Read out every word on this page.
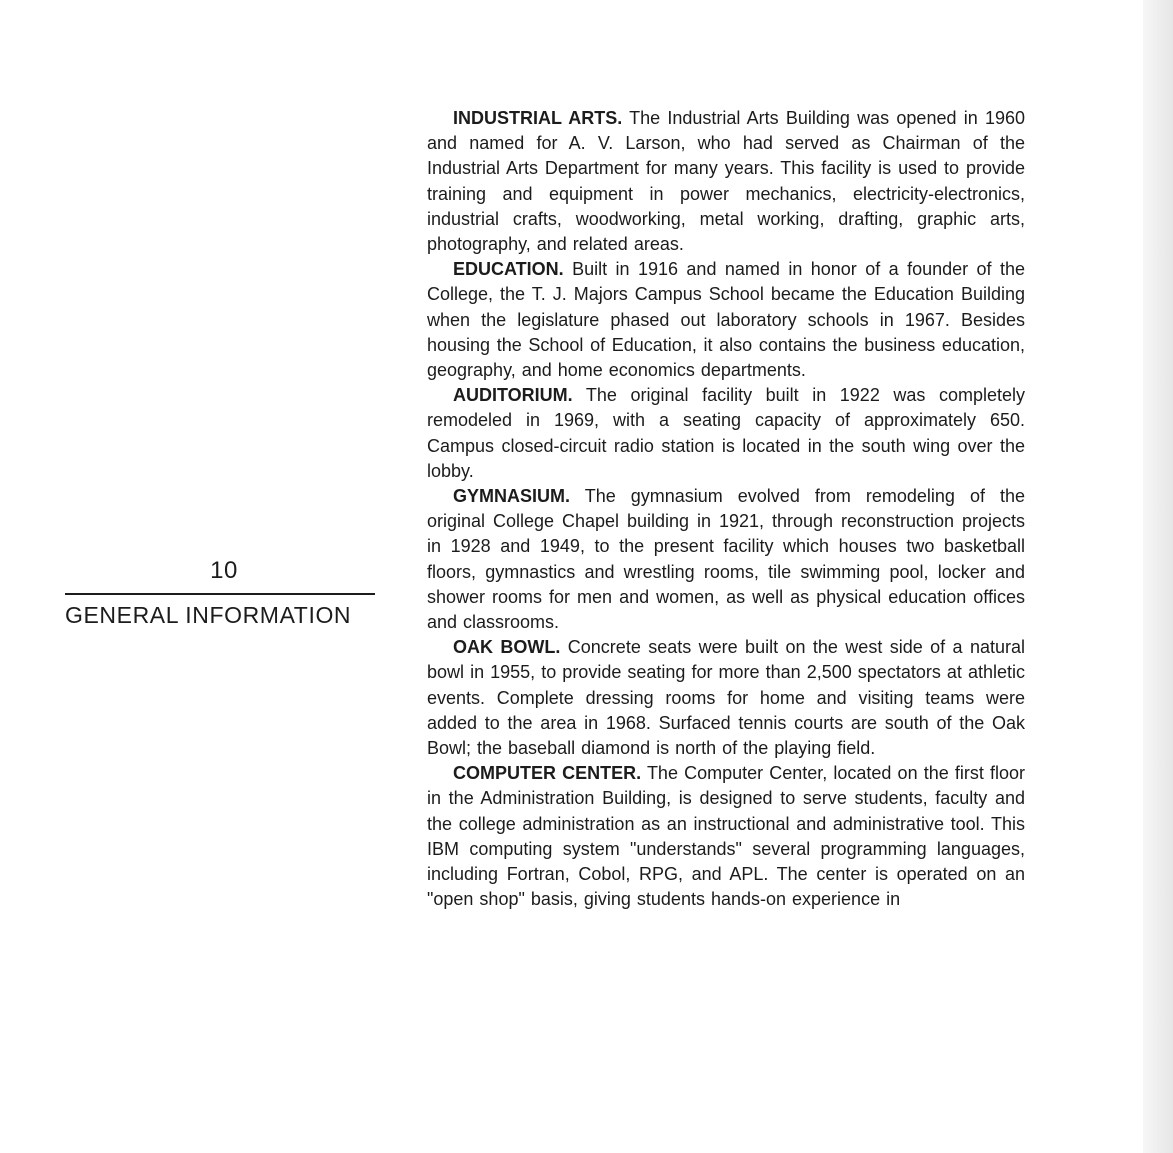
10
GENERAL INFORMATION

INDUSTRIAL ARTS. The Industrial Arts Building was opened in 1960 and named for A. V. Larson, who had served as Chairman of the Industrial Arts Department for many years. This facility is used to provide training and equipment in power mechanics, electricity-electronics, industrial crafts, woodworking, metal working, drafting, graphic arts, photography, and related areas.

EDUCATION. Built in 1916 and named in honor of a founder of the College, the T. J. Majors Campus School became the Education Building when the legislature phased out laboratory schools in 1967. Besides housing the School of Education, it also contains the business education, geography, and home economics departments.

AUDITORIUM. The original facility built in 1922 was completely remodeled in 1969, with a seating capacity of approximately 650. Campus closed-circuit radio station is located in the south wing over the lobby.

GYMNASIUM. The gymnasium evolved from remodeling of the original College Chapel building in 1921, through reconstruction projects in 1928 and 1949, to the present facility which houses two basketball floors, gymnastics and wrestling rooms, tile swimming pool, locker and shower rooms for men and women, as well as physical education offices and classrooms.

OAK BOWL. Concrete seats were built on the west side of a natural bowl in 1955, to provide seating for more than 2,500 spectators at athletic events. Complete dressing rooms for home and visiting teams were added to the area in 1968. Surfaced tennis courts are south of the Oak Bowl; the baseball diamond is north of the playing field.

COMPUTER CENTER. The Computer Center, located on the first floor in the Administration Building, is designed to serve students, faculty and the college administration as an instructional and administrative tool. This IBM computing system "understands" several programming languages, including Fortran, Cobol, RPG, and APL. The center is operated on an "open shop" basis, giving students hands-on experience in
